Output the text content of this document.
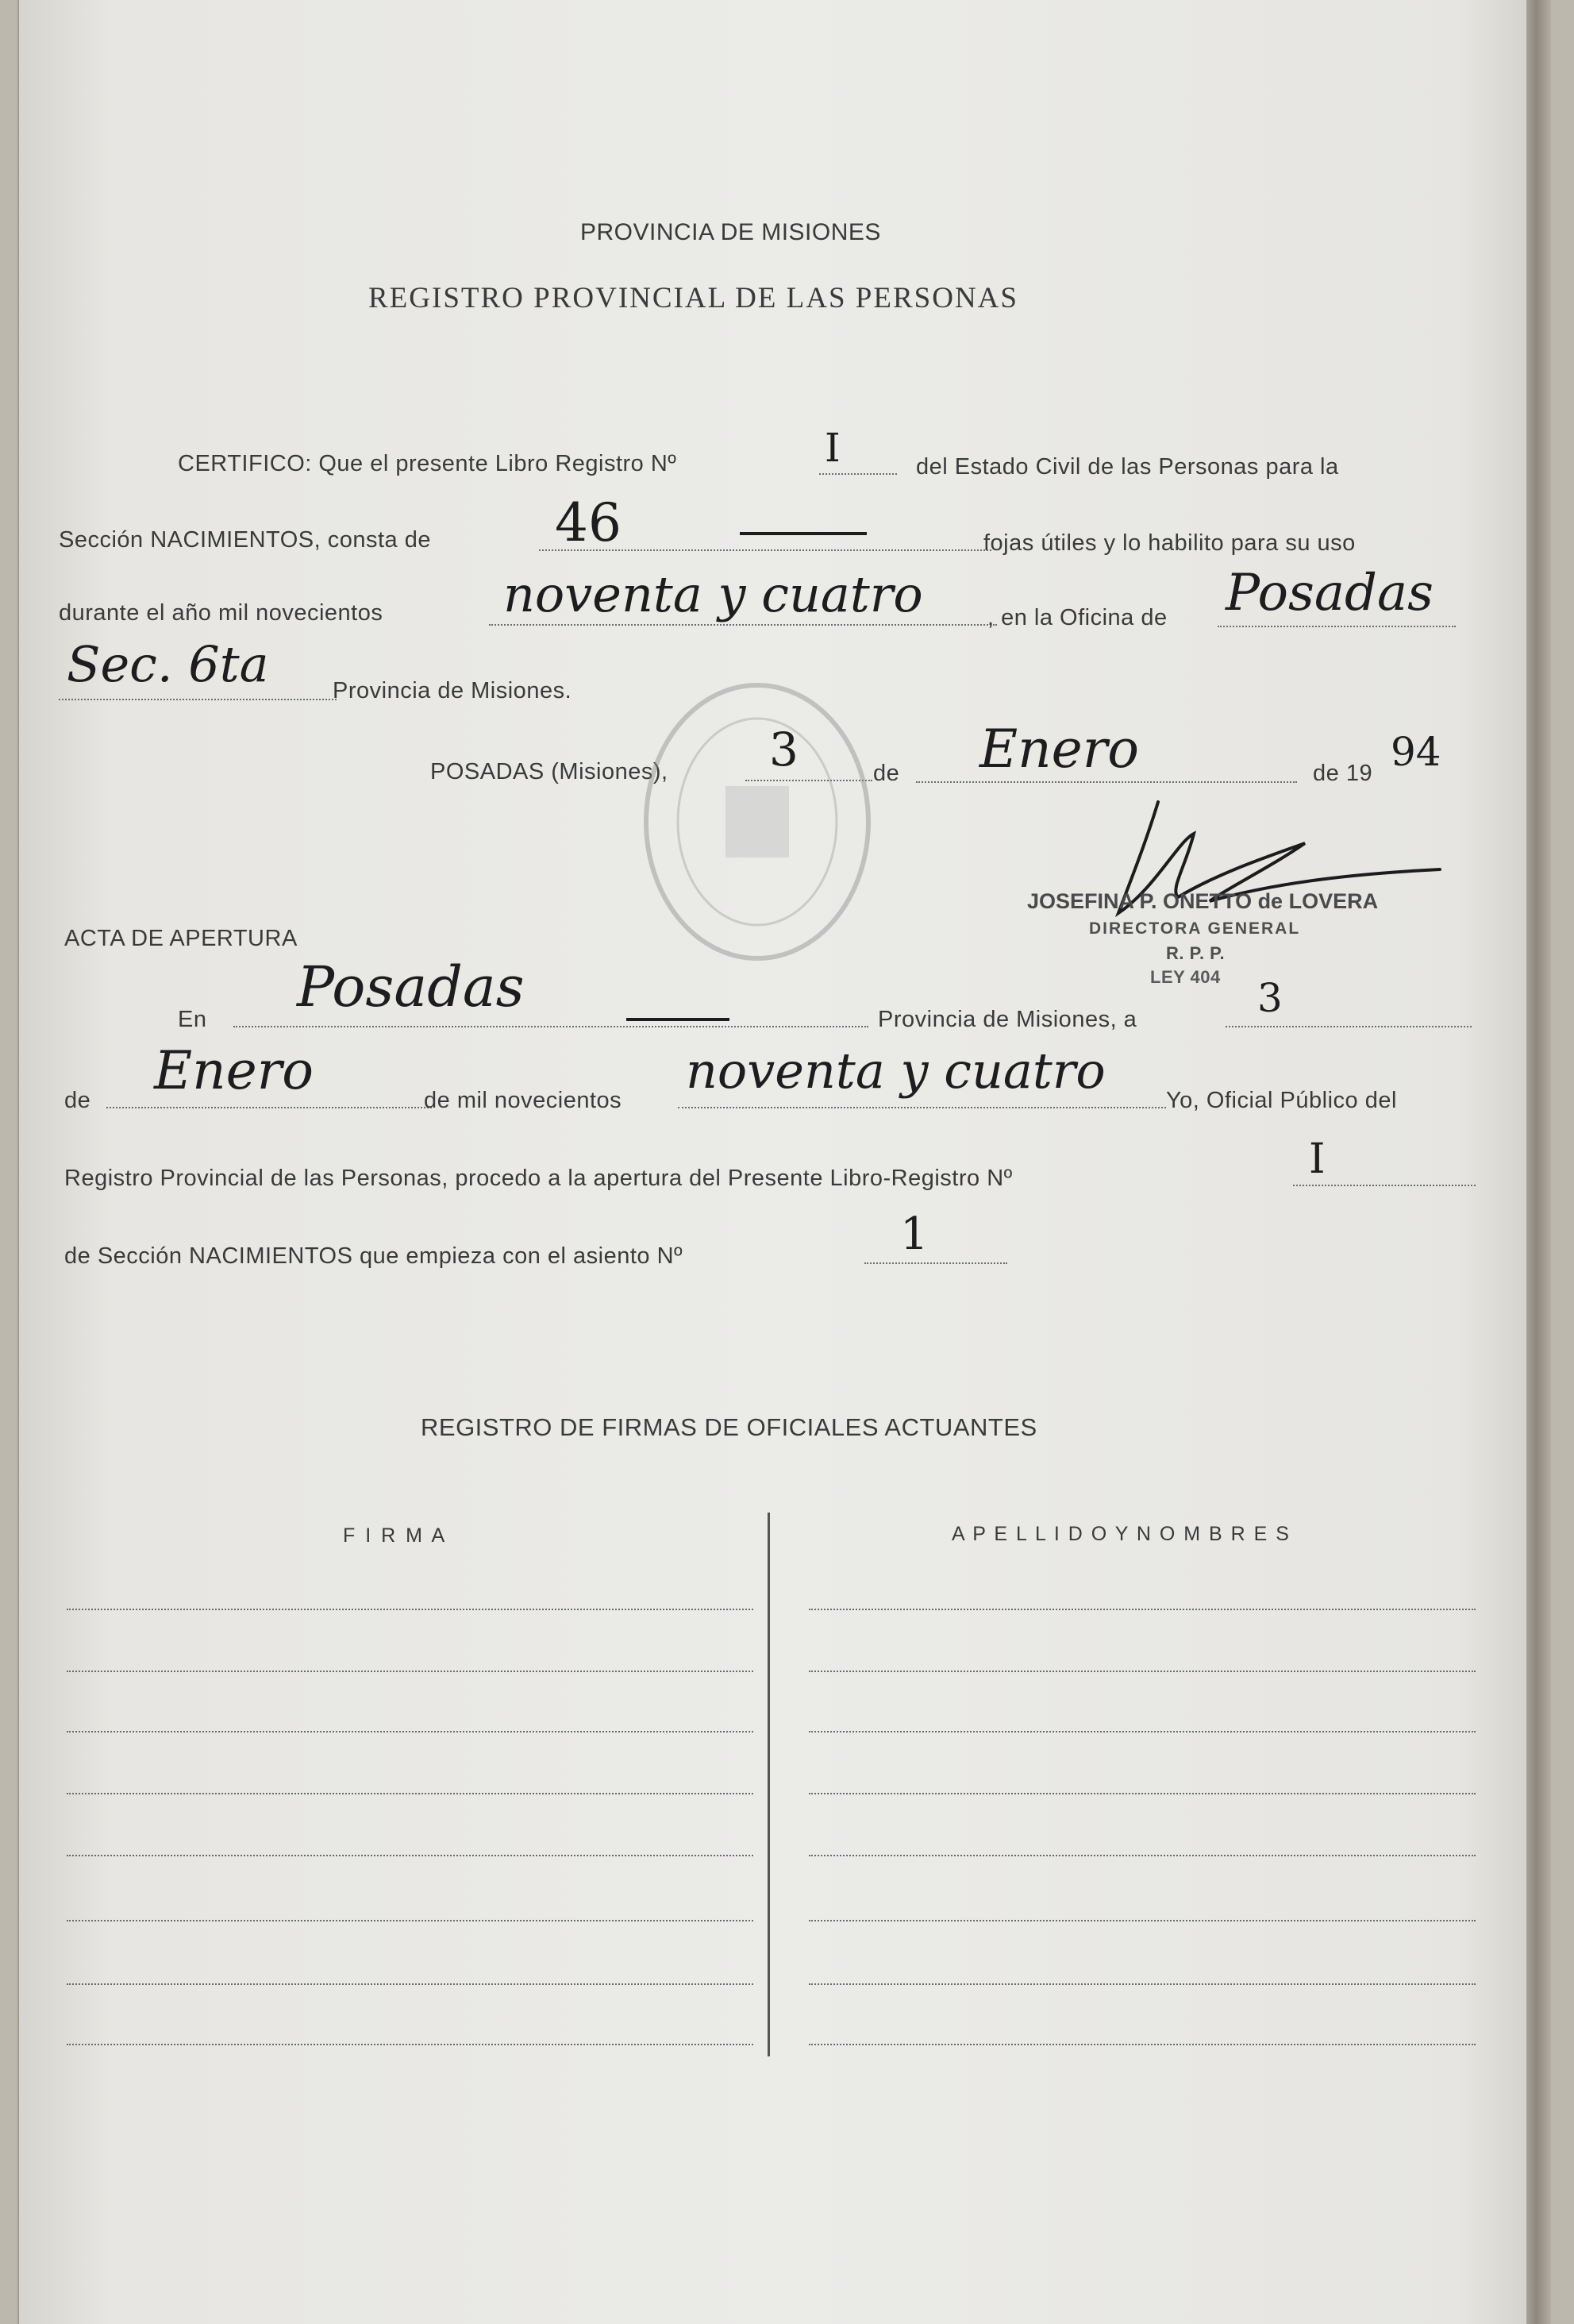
PROVINCIA DE MISIONES
REGISTRO PROVINCIAL DE LAS PERSONAS
CERTIFICO: Que el presente Libro Registro Nº	I	del Estado Civil de las Personas para la
Sección NACIMIENTOS, consta de 46	fojas útiles y lo habilito para su uso
durante el año mil novecientos noventa y cuatro	, en la Oficina de Posadas
Sec. 6ta	Provincia de Misiones.
POSADAS (Misiones), 3	de Enero	de 19 94
JOSEFINA P. ONETTO de LOVERA
DIRECTORA GENERAL
R. P. P.
LEY 404
ACTA DE APERTURA
En Posadas	Provincia de Misiones, a	3
de Enero	de mil novecientos
noventa y cuatro
Yo, Oficial Público del
Registro Provincial de las Personas, procedo a la apertura del Presente Libro-Registro Nº	I
de Sección NACIMIENTOS que empieza con el asiento Nº	1
REGISTRO DE FIRMAS DE OFICIALES ACTUANTES
F I R M A	A P E L L I D O Y N O M B R E S
